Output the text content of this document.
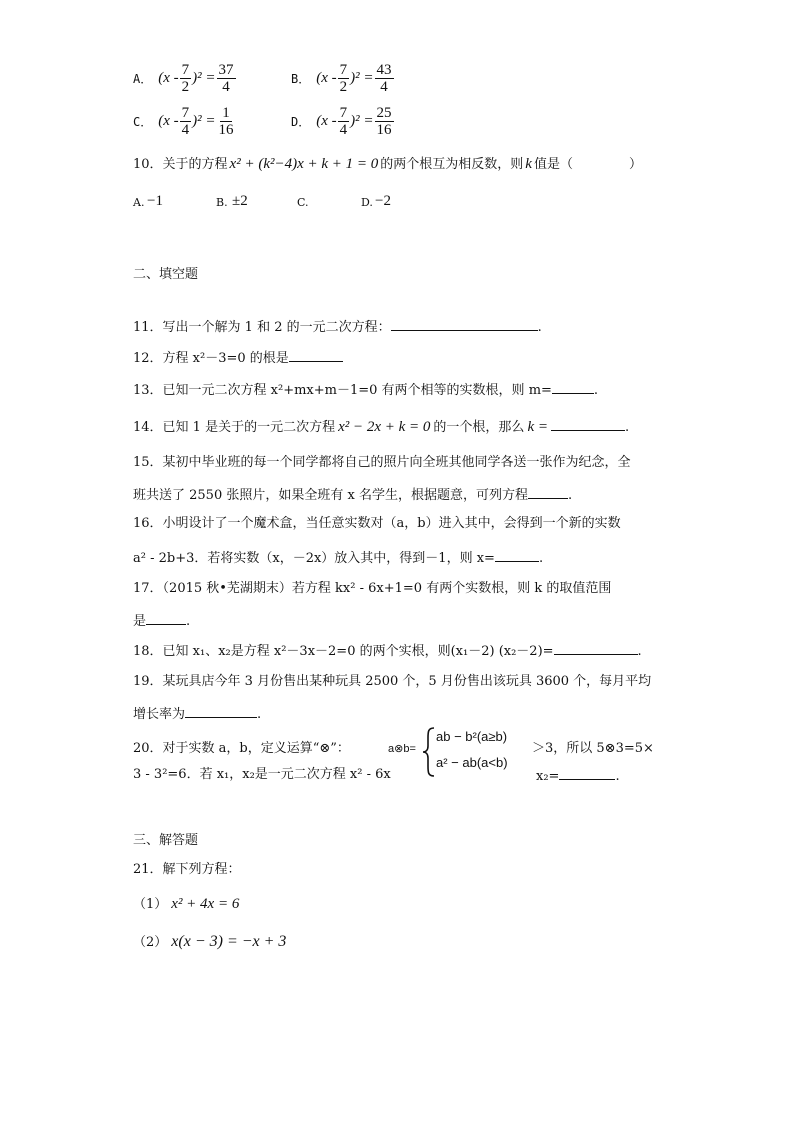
A． $(x - \frac{7}{2} )^2 = \frac{37}{4}$	B． $(x - \frac{7}{2} )^2 = \frac{43}{4}$
C． $(x - \frac{7}{4} )^2 = \frac{1}{16}$	D． $(x - \frac{7}{4} )^2 = \frac{25}{16}$
10．关于的方程 x² + (k²−4)x + k + 1 = 0 的两个根互为相反数，则 k 值是（	）
A. −1	B. ±2	C.	D. −2
二、填空题
11．写出一个解为 1 和 2 的一元二次方程：	.
12．方程 x²－3=0 的根是
13．已知一元二次方程 x²+mx+m－1=0 有两个相等的实数根，则 m=	.
14．已知 1 是关于的一元二次方程 x² − 2x + k = 0 的一个根，那么 k =	.
15．某初中毕业班的每一个同学都将自己的照片向全班其他同学各送一张作为纪念，全
班共送了 2550 张照片，如果全班有 x 名学生，根据题意，可列方程	.
16．小明设计了一个魔术盒，当任意实数对（a，b）进入其中，会得到一个新的实数
a² - 2b+3．若将实数（x，－2x）放入其中，得到－1，则 x=	.
17．（2015 秋•芜湖期末）若方程 kx² - 6x+1=0 有两个实数根，则 k 的取值范围
是	.
18．已知 x₁、x₂是方程 x²－3x－2=0 的两个实根，则(x₁－2) (x₂－2)=	.
19．某玩具店今年 3 月份售出某种玩具 2500 个，5 月份售出该玩具 3600 个，每月平均
增长率为	.
20．对于实数 a，b，定义运算“⊗”：	a⊗b=
ab − b²(a≥b)
a² − ab(a<b)
＞3，所以 5⊗3=5×
3 - 3²=6．若 x₁，x₂是一元二次方程 x² - 6x	x₂=	.
三、解答题
21．解下列方程：
（1） x² + 4x = 6
（2） x(x − 3) = −x + 3
